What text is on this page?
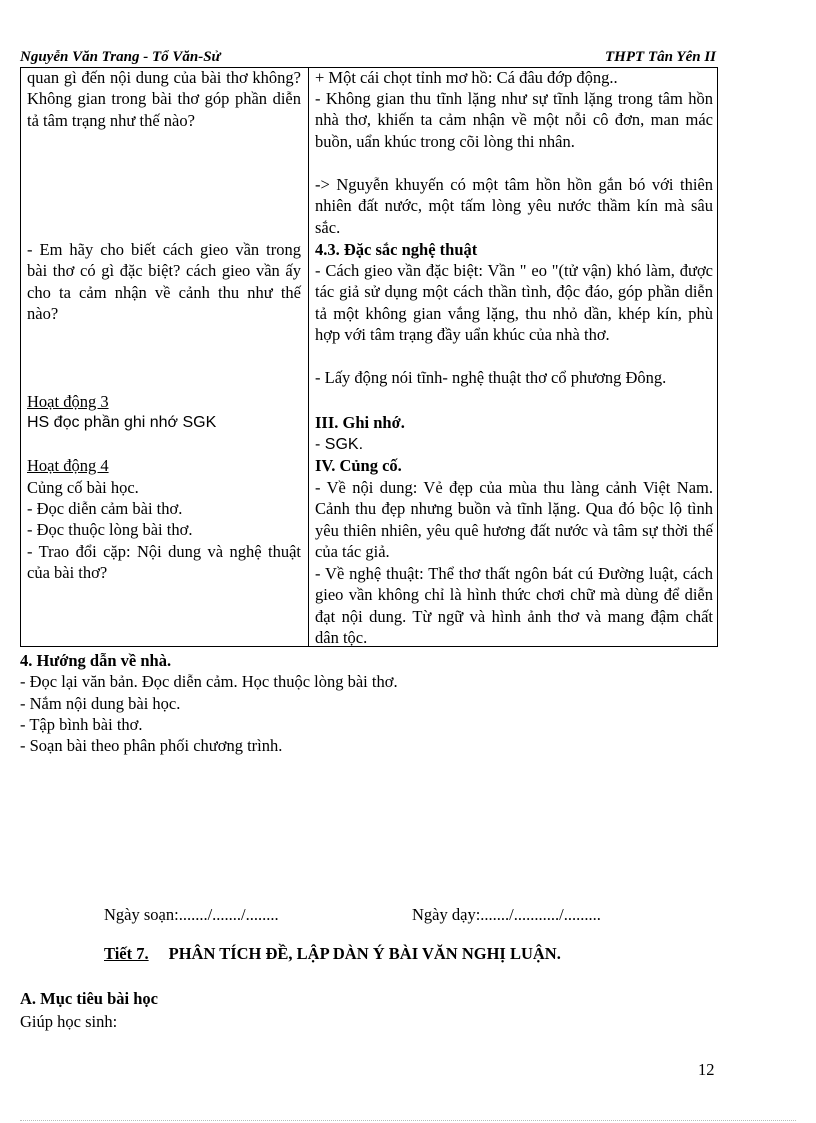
Nguyễn Văn Trang - Tổ Văn-Sử	THPT Tân Yên II
quan gì đến nội dung của bài thơ không? Không gian trong bài thơ góp phần diễn tả tâm trạng như thế nào?
- Em hãy cho biết cách gieo vần trong bài thơ có gì đặc biệt? cách gieo vần ấy cho ta cảm nhận về cảnh thu như thế nào?
Hoạt động 3
HS đọc phần ghi nhớ SGK
Hoạt động 4
Củng cố bài học.
- Đọc diễn cảm bài thơ.
- Đọc thuộc lòng bài thơ.
- Trao đổi cặp: Nội dung và nghệ thuật của bài thơ?
+ Một cái chọt tỉnh mơ hồ: Cá đâu đớp động..
- Không gian thu tĩnh lặng như sự tĩnh lặng trong tâm hồn nhà thơ, khiến ta cảm nhận về một nỗi cô đơn, man mác buồn, uẩn khúc trong cõi lòng thi nhân.
-> Nguyễn khuyến có một tâm hồn hồn gắn bó với thiên nhiên đất nước, một tấm lòng yêu nước thầm kín mà sâu sắc.
4.3. Đặc sắc nghệ thuật
- Cách gieo vần đặc biệt: Vần " eo "(tử vận) khó làm, được tác giả sử dụng một cách thần tình, độc đáo, góp phần diễn tả một không gian vắng lặng, thu nhỏ dần, khép kín, phù hợp với tâm trạng đầy uẩn khúc của nhà thơ.
- Lấy động nói tĩnh- nghệ thuật thơ cổ phương Đông.
III. Ghi nhớ.
- SGK.
IV. Củng cố.
- Về nội dung: Vẻ đẹp của mùa thu làng cảnh Việt Nam. Cảnh thu đẹp nhưng buồn và tĩnh lặng. Qua đó bộc lộ tình yêu thiên nhiên, yêu quê hương đất nước và tâm sự thời thế của tác giả.
- Về nghệ thuật: Thể thơ thất ngôn bát cú Đường luật, cách gieo vần không chỉ là hình thức chơi chữ mà dùng để diễn đạt nội dung. Từ ngữ và hình ảnh thơ và mang đậm chất dân tộc.
4. Hướng dẫn về nhà.
- Đọc lại văn bản. Đọc diễn cảm. Học thuộc lòng bài thơ.
- Nắm nội dung bài học.
- Tập bình bài thơ.
- Soạn bài theo phân phối chương trình.
Ngày soạn:......./......./........	Ngày dạy:......./.........../.........
Tiết 7. PHÂN TÍCH ĐỀ, LẬP DÀN Ý BÀI VĂN NGHỊ LUẬN.
A. Mục tiêu bài học
Giúp học sinh:
12
